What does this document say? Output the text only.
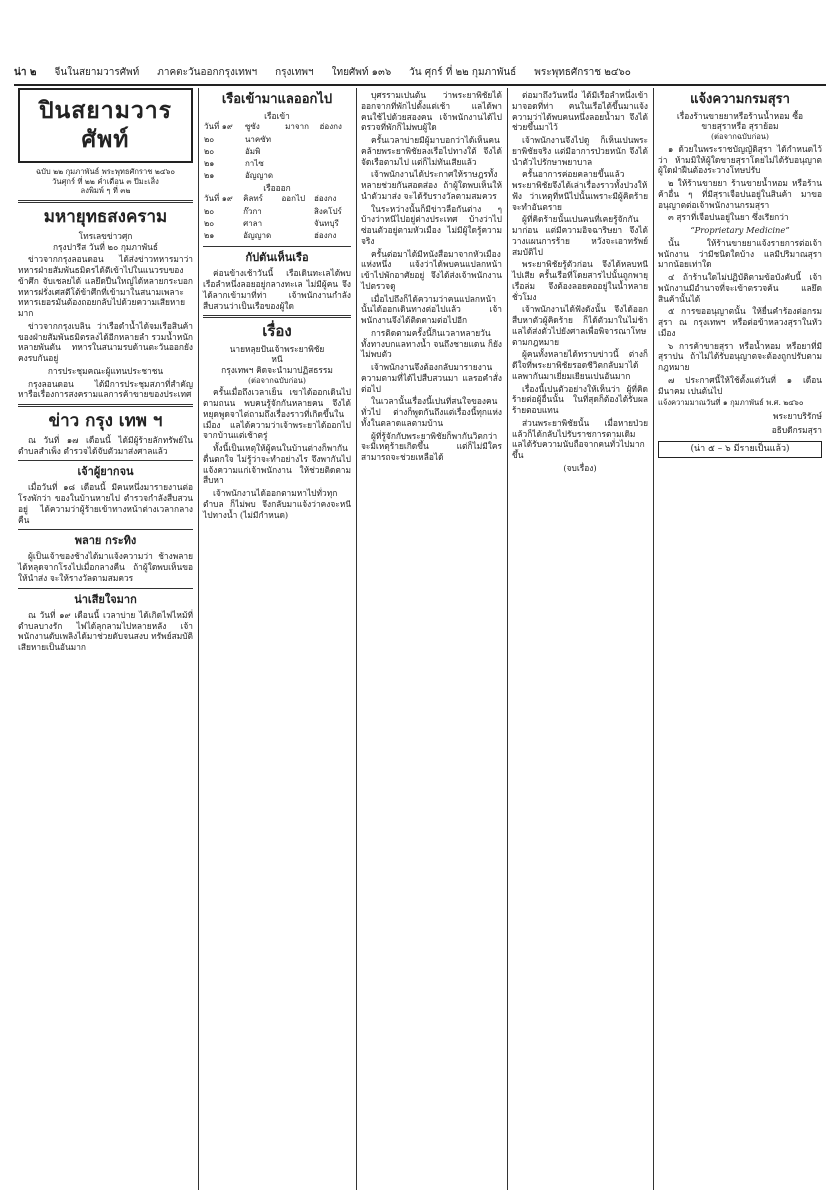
น่า ๒ จีนในสยามวารศัพท์ ภาคตะวันออกกรุงเทพฯ กรุงเทพฯ ใทยศัพท์ ๑๓๖ วัน ศุกร์ ที่ ๒๒ กุมภาพันธ์ พระพุทธศักราช ๒๔๖๐
ปินสยามวารศัพท์
ฉบับ ๒๒ กุมภาพันธ์ พระพุทธศักราช ๒๔๖๐
วันศุกร์ ที่ ๒๒ ค่ำเดือน ๓ ปีมะเส็ง
ลงพิมพ์ ๆ ที่ ๓๒
มหายุทธสงคราม
โทรเลขข่าวศุก
กรุงปารีส วันที่ ๒๐ กุมภาพันธ์
ข่าวจากกรุงลอนดอน ได้ส่งข่าวทหารมาว่า ทหารฝ่ายสัมพันธมิตรได้ตีเข้าไปในแนวรบของข้าศึก จับเชลยได้ แลยึดปืนใหญ่ได้หลายกระบอก ทหารฝรั่งเศสตีโต้ข้าศึกที่เข้ามาในสนามเพลาะ ทหารเยอรมันต้องถอยกลับไปด้วยความเสียหายมาก
ข่าวจากกรุงเบลิน ว่าเรือดำน้ำได้จมเรือสินค้าของฝ่ายสัมพันธมิตรลงได้อีกหลายลำ รวมน้ำหนักหลายพันตัน ทหารในสนามรบด้านตะวันออกยังคงรบกันอยู่
การประชุมคณะผู้แทนประชาชน
กรุงลอนดอน ได้มีการประชุมสภาที่สำคัญ หารือเรื่องการสงครามแลการค้าขายของประเทศ
ข่าว กรุง เทพ ฯ
ณ วันที่ ๑๗ เดือนนี้ ได้มีผู้ร้ายลักทรัพย์ในตำบลสำเพ็ง ตำรวจได้จับตัวมาส่งศาลแล้ว
เจ้าผู้ยากจน
เมื่อวันที่ ๑๘ เดือนนี้ มีคนหนึ่งมารายงานต่อโรงพักว่า ของในบ้านหายไป ตำรวจกำลังสืบสวนอยู่ ได้ความว่าผู้ร้ายเข้าทางหน้าต่างเวลากลางคืน
พลาย กระทิง
ผู้เป็นเจ้าของช้างได้มาแจ้งความว่า ช้างพลายได้หลุดจากโรงไปเมื่อกลางคืน ถ้าผู้ใดพบเห็นขอให้นำส่ง จะให้รางวัลตามสมควร
น่าเสียใจมาก
ณ วันที่ ๑๙ เดือนนี้ เวลาบ่าย ได้เกิดไฟไหม้ที่ตำบลบางรัก ไฟได้ลุกลามไปหลายหลัง เจ้าพนักงานดับเพลิงได้มาช่วยดับจนสงบ ทรัพย์สมบัติเสียหายเป็นอันมาก
เรือเข้ามาแลออกไป
เรือเข้า
วันที่ ๑๙	ซูซัง	มาจาก	ฮ่องกง
๒๐	นาคซัท		
๒๐	อัมพิ		
๒๑	กาไซ		
๒๑	อัญญาด		
เรือออก
วันที่ ๑๙	คิลทร์	ออกไป	ฮ่องกง
๒๐	ก๊วกา		สิงคโปร์
๒๐	ศาลา		จันทบุรี
๒๑	อัญญาด		ฮ่องกง
กัปตันเห็นเรือ
ค่อนข้างเช้าวันนี้ เรือเดินทะเลได้พบเรือลำหนึ่งลอยอยู่กลางทะเล ไม่มีผู้คน จึงได้ลากเข้ามาที่ท่า เจ้าพนักงานกำลังสืบสวนว่าเป็นเรือของผู้ใด
เรื่อง
นายหลุยปันเจ้าพระยาพิชัย
หนี
กรุงเทพฯ คิดจะนำมาปฏิสธรรม
(ต่อจากฉบับก่อน)
ครั้นเมื่อถึงเวลาเย็น เขาได้ออกเดินไปตามถนน พบคนรู้จักกันหลายคน จึงได้หยุดพูดจาไต่ถามถึงเรื่องราวที่เกิดขึ้นในเมือง แลได้ความว่าเจ้าพระยาได้ออกไปจากบ้านแต่เช้าตรู่
ทั้งนี้เป็นเหตุให้ผู้คนในบ้านต่างก็พากันตื่นตกใจ ไม่รู้ว่าจะทำอย่างไร จึงพากันไปแจ้งความแก่เจ้าพนักงาน ให้ช่วยติดตามสืบหา
เจ้าพนักงานได้ออกตามหาไปทั่วทุกตำบล ก็ไม่พบ จึงกลับมาแจ้งว่าคงจะหนีไปทางน้ำ (ไม่มีกำหนด)
บุศรรามเปนต้น ว่าพระยาพิชัยได้ออกจากที่พักไปตั้งแต่เช้า แลได้พาคนใช้ไปด้วยสองคน เจ้าพนักงานได้ไปตรวจที่พักก็ไม่พบผู้ใด
ครั้นเวลาบ่ายมีผู้มาบอกว่าได้เห็นคนคล้ายพระยาพิชัยลงเรือไปทางใต้ จึงได้จัดเรือตามไป แต่ก็ไม่ทันเสียแล้ว
เจ้าพนักงานได้ประกาศให้ราษฎรทั้งหลายช่วยกันสอดส่อง ถ้าผู้ใดพบเห็นให้นำตัวมาส่ง จะได้รับรางวัลตามสมควร
ในระหว่างนั้นก็มีข่าวลือกันต่าง ๆ บ้างว่าหนีไปอยู่ต่างประเทศ บ้างว่าไปซ่อนตัวอยู่ตามหัวเมือง ไม่มีผู้ใดรู้ความจริง
ครั้นต่อมาได้มีหนังสือมาจากหัวเมืองแห่งหนึ่ง แจ้งว่าได้พบคนแปลกหน้าเข้าไปพักอาศัยอยู่ จึงได้ส่งเจ้าพนักงานไปตรวจดู
เมื่อไปถึงก็ได้ความว่าคนแปลกหน้านั้นได้ออกเดินทางต่อไปแล้ว เจ้าพนักงานจึงได้ติดตามต่อไปอีก
การติดตามครั้งนี้กินเวลาหลายวัน ทั้งทางบกแลทางน้ำ จนถึงชายแดน ก็ยังไม่พบตัว
เจ้าพนักงานจึงต้องกลับมารายงานความตามที่ได้ไปสืบสวนมา แลรอคำสั่งต่อไป
ในเวลานั้นเรื่องนี้เปนที่สนใจของคนทั่วไป ต่างก็พูดกันถึงแต่เรื่องนี้ทุกแห่ง ทั้งในตลาดแลตามบ้าน
ผู้ที่รู้จักกับพระยาพิชัยก็พากันวิตกว่าจะมีเหตุร้ายเกิดขึ้น แต่ก็ไม่มีใครสามารถจะช่วยเหลือได้
ต่อมาถึงวันหนึ่ง ได้มีเรือลำหนึ่งเข้ามาจอดที่ท่า คนในเรือได้ขึ้นมาแจ้งความว่าได้พบคนหนึ่งลอยน้ำมา จึงได้ช่วยขึ้นมาไว้
เจ้าพนักงานจึงไปดู ก็เห็นเปนพระยาพิชัยจริง แต่มีอาการป่วยหนัก จึงได้นำตัวไปรักษาพยาบาล
ครั้นอาการค่อยคลายขึ้นแล้ว พระยาพิชัยจึงได้เล่าเรื่องราวทั้งปวงให้ฟัง ว่าเหตุที่หนีไปนั้นเพราะมีผู้คิดร้ายจะทำอันตราย
ผู้ที่คิดร้ายนั้นเปนคนที่เคยรู้จักกันมาก่อน แต่มีความอิจฉาริษยา จึงได้วางแผนการร้าย หวังจะเอาทรัพย์สมบัติไป
พระยาพิชัยรู้ตัวก่อน จึงได้หลบหนีไปเสีย ครั้นเรือที่โดยสารไปนั้นถูกพายุ เรือล่ม จึงต้องลอยคออยู่ในน้ำหลายชั่วโมง
เจ้าพนักงานได้ฟังดังนั้น จึงได้ออกสืบหาตัวผู้คิดร้าย ก็ได้ตัวมาในไม่ช้า แลได้ส่งตัวไปยังศาลเพื่อพิจารณาโทษตามกฎหมาย
ผู้คนทั้งหลายได้ทราบข่าวนี้ ต่างก็ดีใจที่พระยาพิชัยรอดชีวิตกลับมาได้ แลพากันมาเยี่ยมเยียนเปนอันมาก
เรื่องนี้เปนตัวอย่างให้เห็นว่า ผู้ที่คิดร้ายต่อผู้อื่นนั้น ในที่สุดก็ต้องได้รับผลร้ายตอบแทน
ส่วนพระยาพิชัยนั้น เมื่อหายป่วยแล้วก็ได้กลับไปรับราชการตามเดิม แลได้รับความนับถือจากคนทั่วไปมากขึ้น
(จบเรื่อง)
แจ้งความกรมสุรา
เรื่องร้านขายยาหรือร้านน้ำหอม ซื้อ
ขายสุราหรือ สุราย้อม
(ต่อจากฉบับก่อน)
๑ ด้วยในพระราชบัญญัติสุรา ได้กำหนดไว้ว่า ห้ามมิให้ผู้ใดขายสุราโดยไม่ได้รับอนุญาต ผู้ใดฝ่าฝืนต้องระวางโทษปรับ
๒ ให้ร้านขายยา ร้านขายน้ำหอม หรือร้านค้าอื่น ๆ ที่มีสุราเจือปนอยู่ในสินค้า มาขออนุญาตต่อเจ้าพนักงานกรมสุรา
๓ สุราที่เจือปนอยู่ในยา ซึ่งเรียกว่า
“Proprietary Medicine”
นั้น ให้ร้านขายยาแจ้งรายการต่อเจ้าพนักงาน ว่ามีชนิดใดบ้าง แลมีปริมาณสุรามากน้อยเท่าใด
๔ ถ้าร้านใดไม่ปฏิบัติตามข้อบังคับนี้ เจ้าพนักงานมีอำนาจที่จะเข้าตรวจค้น แลยึดสินค้านั้นได้
๕ การขออนุญาตนั้น ให้ยื่นคำร้องต่อกรมสุรา ณ กรุงเทพฯ หรือต่อข้าหลวงสุราในหัวเมือง
๖ การค้าขายสุรา หรือน้ำหอม หรือยาที่มีสุราปน ถ้าไม่ได้รับอนุญาตจะต้องถูกปรับตามกฎหมาย
๗ ประกาศนี้ให้ใช้ตั้งแต่วันที่ ๑ เดือนมีนาคม เปนต้นไป
แจ้งความมาณวันที่ ๑ กุมภาพันธ์ พ.ศ. ๒๔๖๐
พระยาบริรักษ์
อธิบดีกรมสุรา
(น่า ๕ – ๖ มีรายเป็นแล้ว)
